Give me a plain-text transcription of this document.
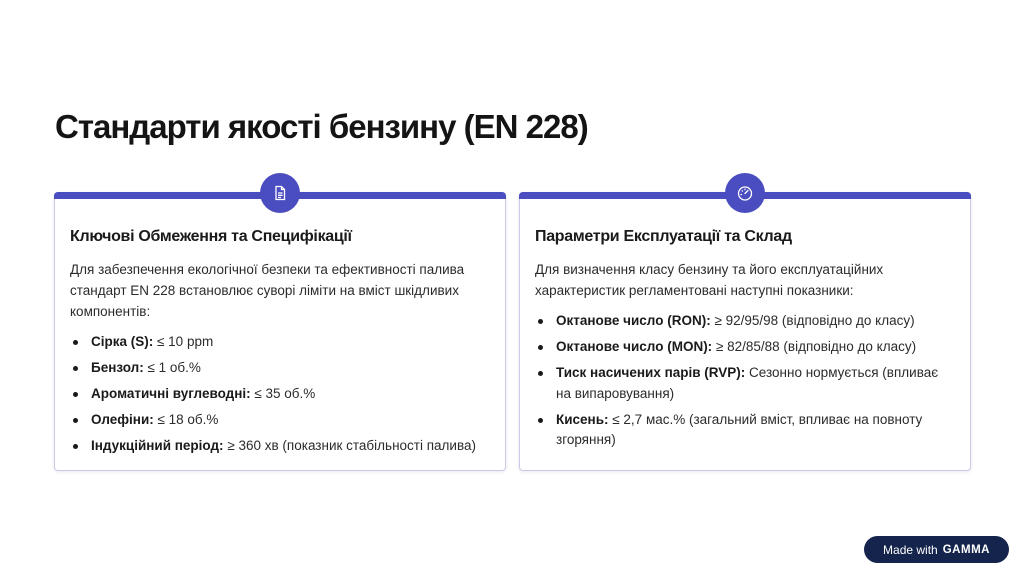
Стандарти якості бензину (EN 228)
Ключові Обмеження та Специфікації
Для забезпечення екологічної безпеки та ефективності палива стандарт EN 228 встановлює суворі ліміти на вміст шкідливих компонентів:
Сірка (S): ≤ 10 ppm
Бензол: ≤ 1 об.%
Ароматичні вуглеводні: ≤ 35 об.%
Олефіни: ≤ 18 об.%
Індукційний період: ≥ 360 хв (показник стабільності палива)
Параметри Експлуатації та Склад
Для визначення класу бензину та його експлуатаційних характеристик регламентовані наступні показники:
Октанове число (RON): ≥ 92/95/98 (відповідно до класу)
Октанове число (MON): ≥ 82/85/88 (відповідно до класу)
Тиск насичених парів (RVP): Сезонно нормується (впливає на випаровування)
Кисень: ≤ 2,7 мас.% (загальний вміст, впливає на повноту згоряння)
Made with GAMMA
